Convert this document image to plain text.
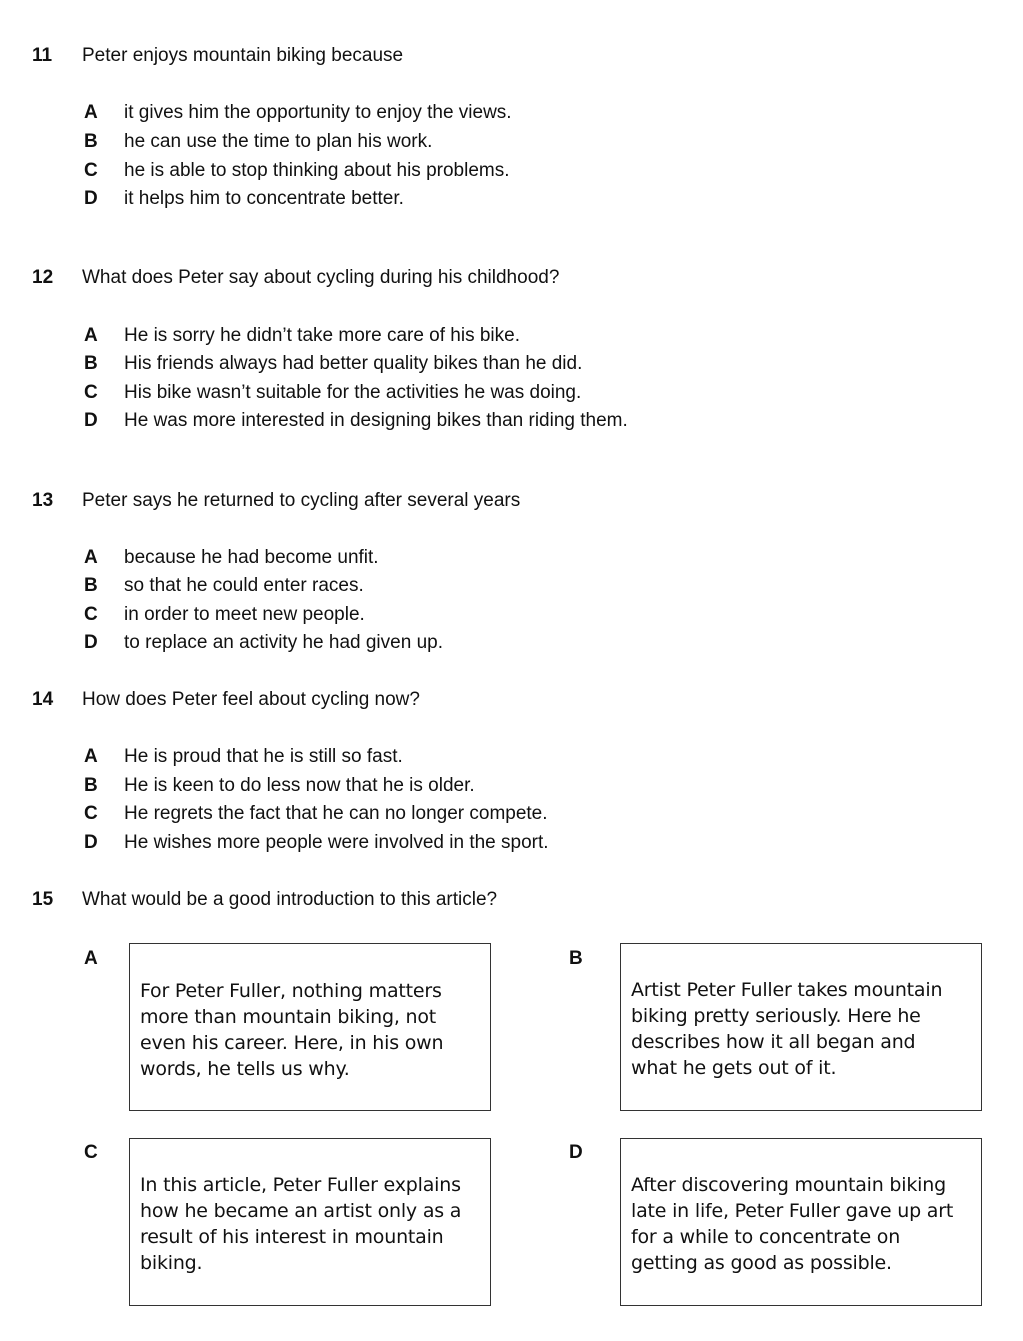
11 Peter enjoys mountain biking because
A it gives him the opportunity to enjoy the views.
B he can use the time to plan his work.
C he is able to stop thinking about his problems.
D it helps him to concentrate better.
12 What does Peter say about cycling during his childhood?
A He is sorry he didn’t take more care of his bike.
B His friends always had better quality bikes than he did.
C His bike wasn’t suitable for the activities he was doing.
D He was more interested in designing bikes than riding them.
13 Peter says he returned to cycling after several years
A because he had become unfit.
B so that he could enter races.
C in order to meet new people.
D to replace an activity he had given up.
14 How does Peter feel about cycling now?
A He is proud that he is still so fast.
B He is keen to do less now that he is older.
C He regrets the fact that he can no longer compete.
D He wishes more people were involved in the sport.
15 What would be a good introduction to this article?
A

For Peter Fuller, nothing matters
more than mountain biking, not
even his career. Here, in his own
words, he tells us why.

B

Artist Peter Fuller takes mountain
biking pretty seriously. Here he
describes how it all began and
what he gets out of it.

C

In this article, Peter Fuller explains
how he became an artist only as a
result of his interest in mountain
biking.

D

After discovering mountain biking
late in life, Peter Fuller gave up art
for a while to concentrate on
getting as good as possible.
